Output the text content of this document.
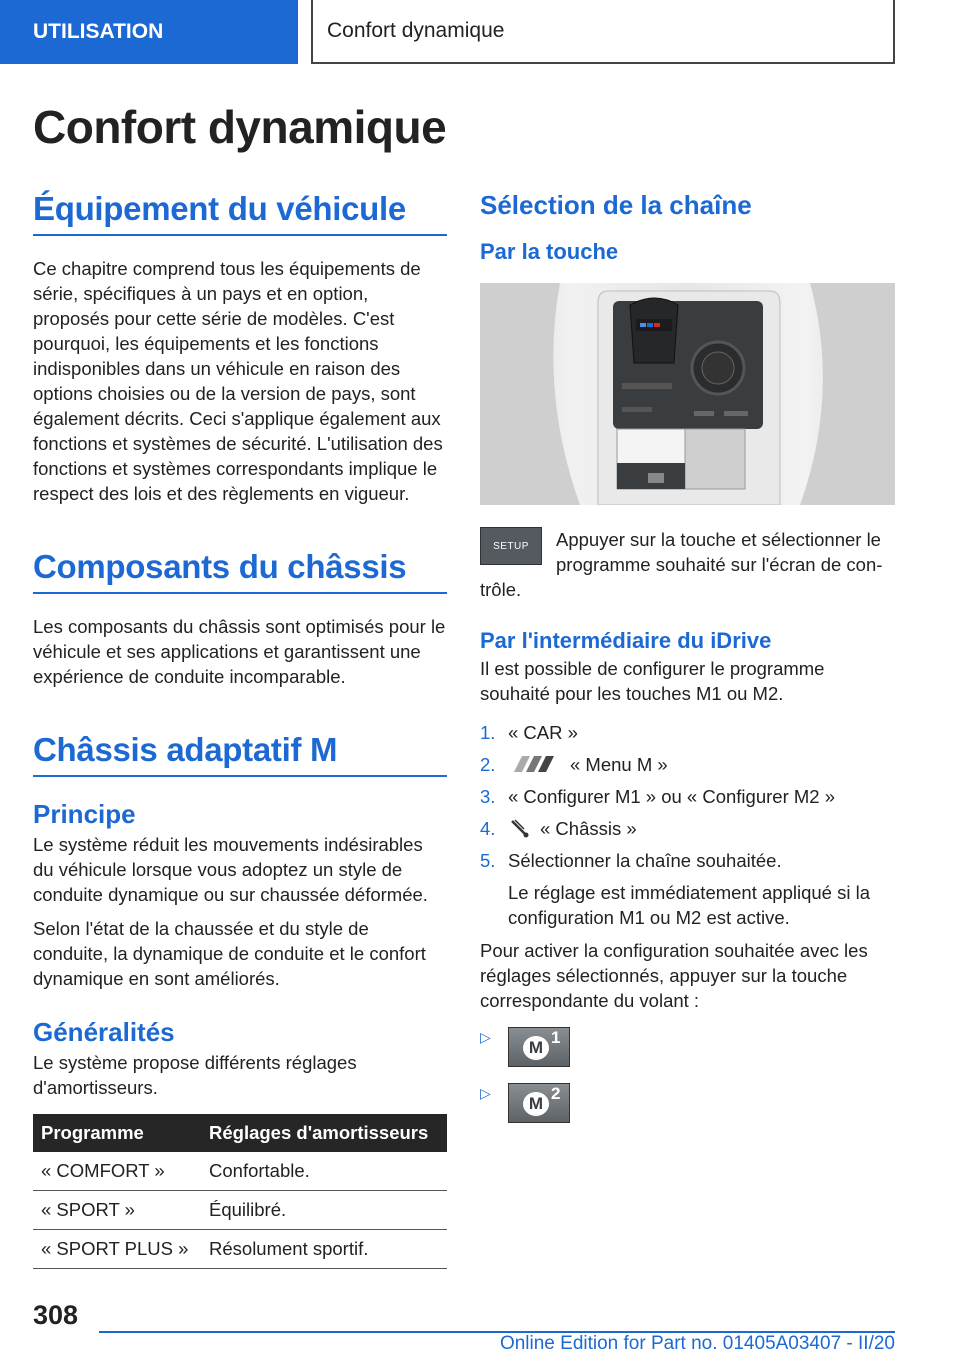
UTILISATION	Confort dynamique
Confort dynamique
Équipement du véhicule

Ce chapitre comprend tous les équipements de série, spécifiques à un pays et en option, proposés pour cette série de modèles. C'est pourquoi, les équipements et les fonctions indisponibles dans un véhicule en raison des options choisies ou de la version de pays, sont également décrits. Ceci s'applique également aux fonctions et systèmes de sécurité. L'utilisation des fonctions et systèmes correspondants implique le respect des lois et des règlements en vigueur.

Composants du châssis

Les composants du châssis sont optimisés pour le véhicule et ses applications et garantissent une expérience de conduite incomparable.

Châssis adaptatif M
Principe

Le système réduit les mouvements indésirables du véhicule lorsque vous adoptez un style de conduite dynamique ou sur chaussée déformée.

Selon l'état de la chaussée et du style de conduite, la dynamique de conduite et le confort dynamique en sont améliorés.

Généralités

Le système propose différents réglages d'amortisseurs.

Programme	Réglages d'amortisseurs
« COMFORT »	Confortable.
« SPORT »	Équilibré.
« SPORT PLUS »	Résolument sportif.
Sélection de la chaîne
Par la touche
SETUP	Appuyer sur la touche et sélectionner le programme souhaité sur l'écran de con-

trôle.

Par l'intermédiaire du iDrive

Il est possible de configurer le programme souhaité pour les touches M1 ou M2.

1. « CAR »
2.	« Menu M »
3. « Configurer M1 » ou « Configurer M2 »
4.	« Châssis »
5. Sélectionner la chaîne souhaitée.

Le réglage est immédiatement appliqué si la configuration M1 ou M2 est active.

Pour activer la configuration souhaitée avec les réglages sélectionnés, appuyer sur la touche correspondante du volant :

▷
M
1
▷
M
2
308
Online Edition for Part no. 01405A03407 - II/20
